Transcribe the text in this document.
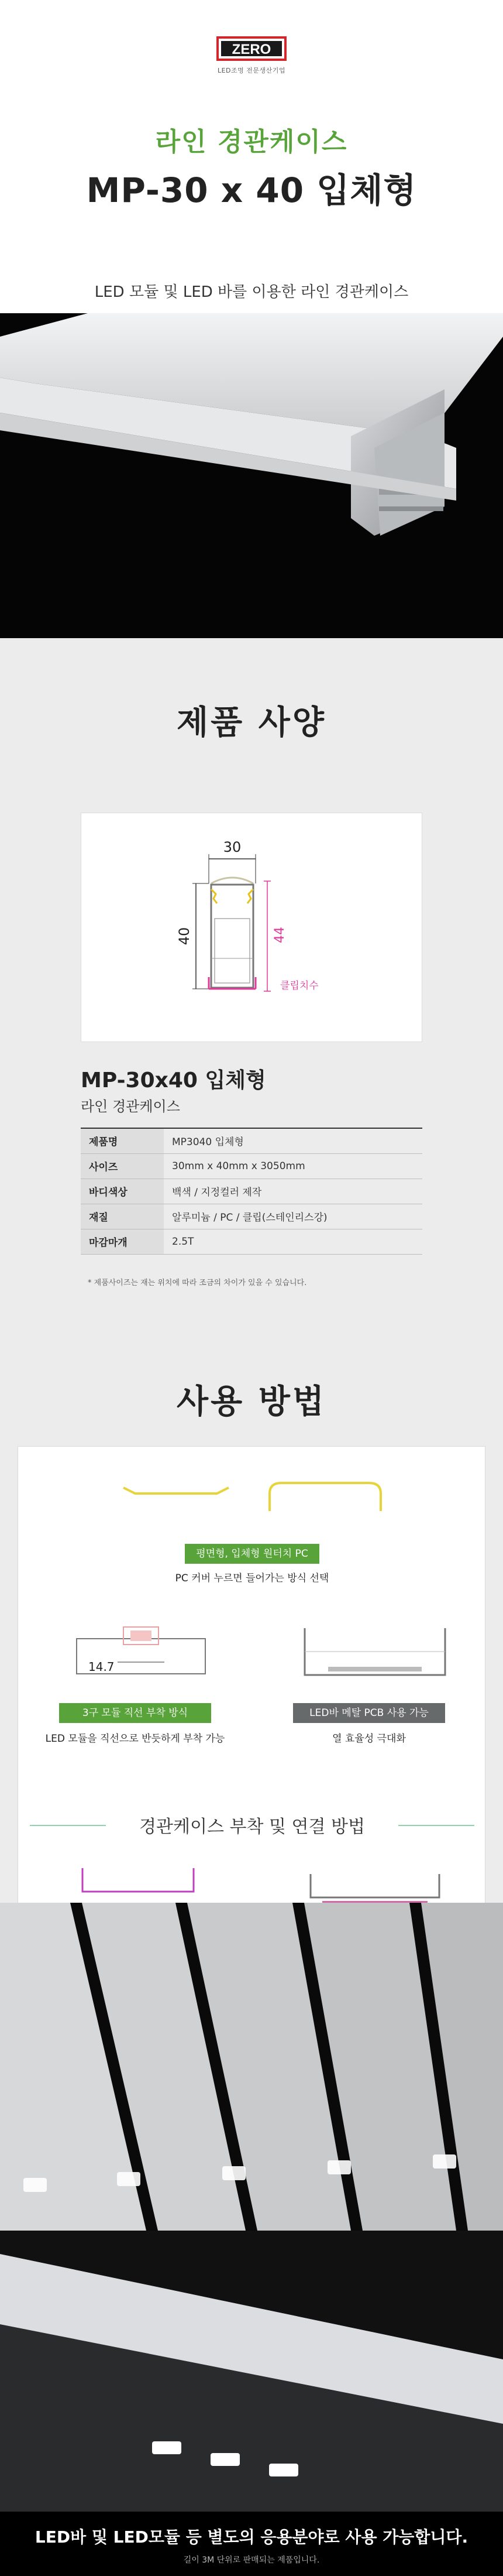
ZERO
LED조명 전문생산기업
라인 경관케이스
MP-30 x 40 입체형
LED 모듈 및 LED 바를 이용한 라인 경관케이스
제품 사양
30
40	44
클립치수
MP-30x40 입체형
라인 경관케이스
제품명	MP3040 입체형
사이즈	30mm x 40mm x 3050mm
바디색상	백색 / 지정컬러 제작
재질	알루미늄 / PC / 클립(스테인리스강)
마감마개	2.5T
* 제품사이즈는 재는 위치에 따라 조금의 차이가 있을 수 있습니다.
사용 방법
평면형, 입체형 원터치 PC
PC 커버 누르면 들어가는 방식 선택
14.7
3구 모듈 직선 부착 방식
LED 모듈을 직선으로 반듯하게 부착 가능
LED바 메탈 PCB 사용 가능
열 효율성 극대화
경관케이스 부착 및 연결 방법
LED바 및 LED모듈 등 별도의 응용분야로 사용 가능합니다.
길이 3M 단위로 판매되는 제품입니다.
